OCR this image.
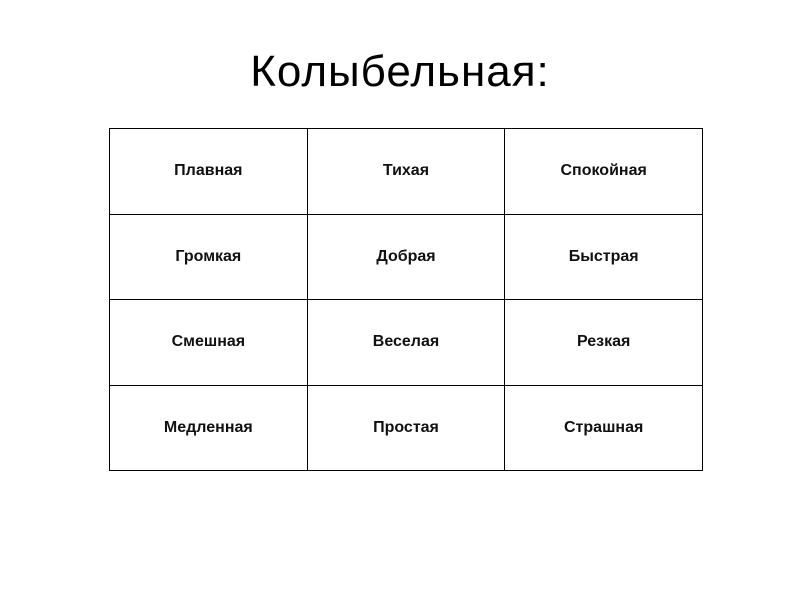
Колыбельная:
Плавная	Тихая	Спокойная
Громкая	Добрая	Быстрая
Смешная	Веселая	Резкая
Медленная	Простая	Страшная
